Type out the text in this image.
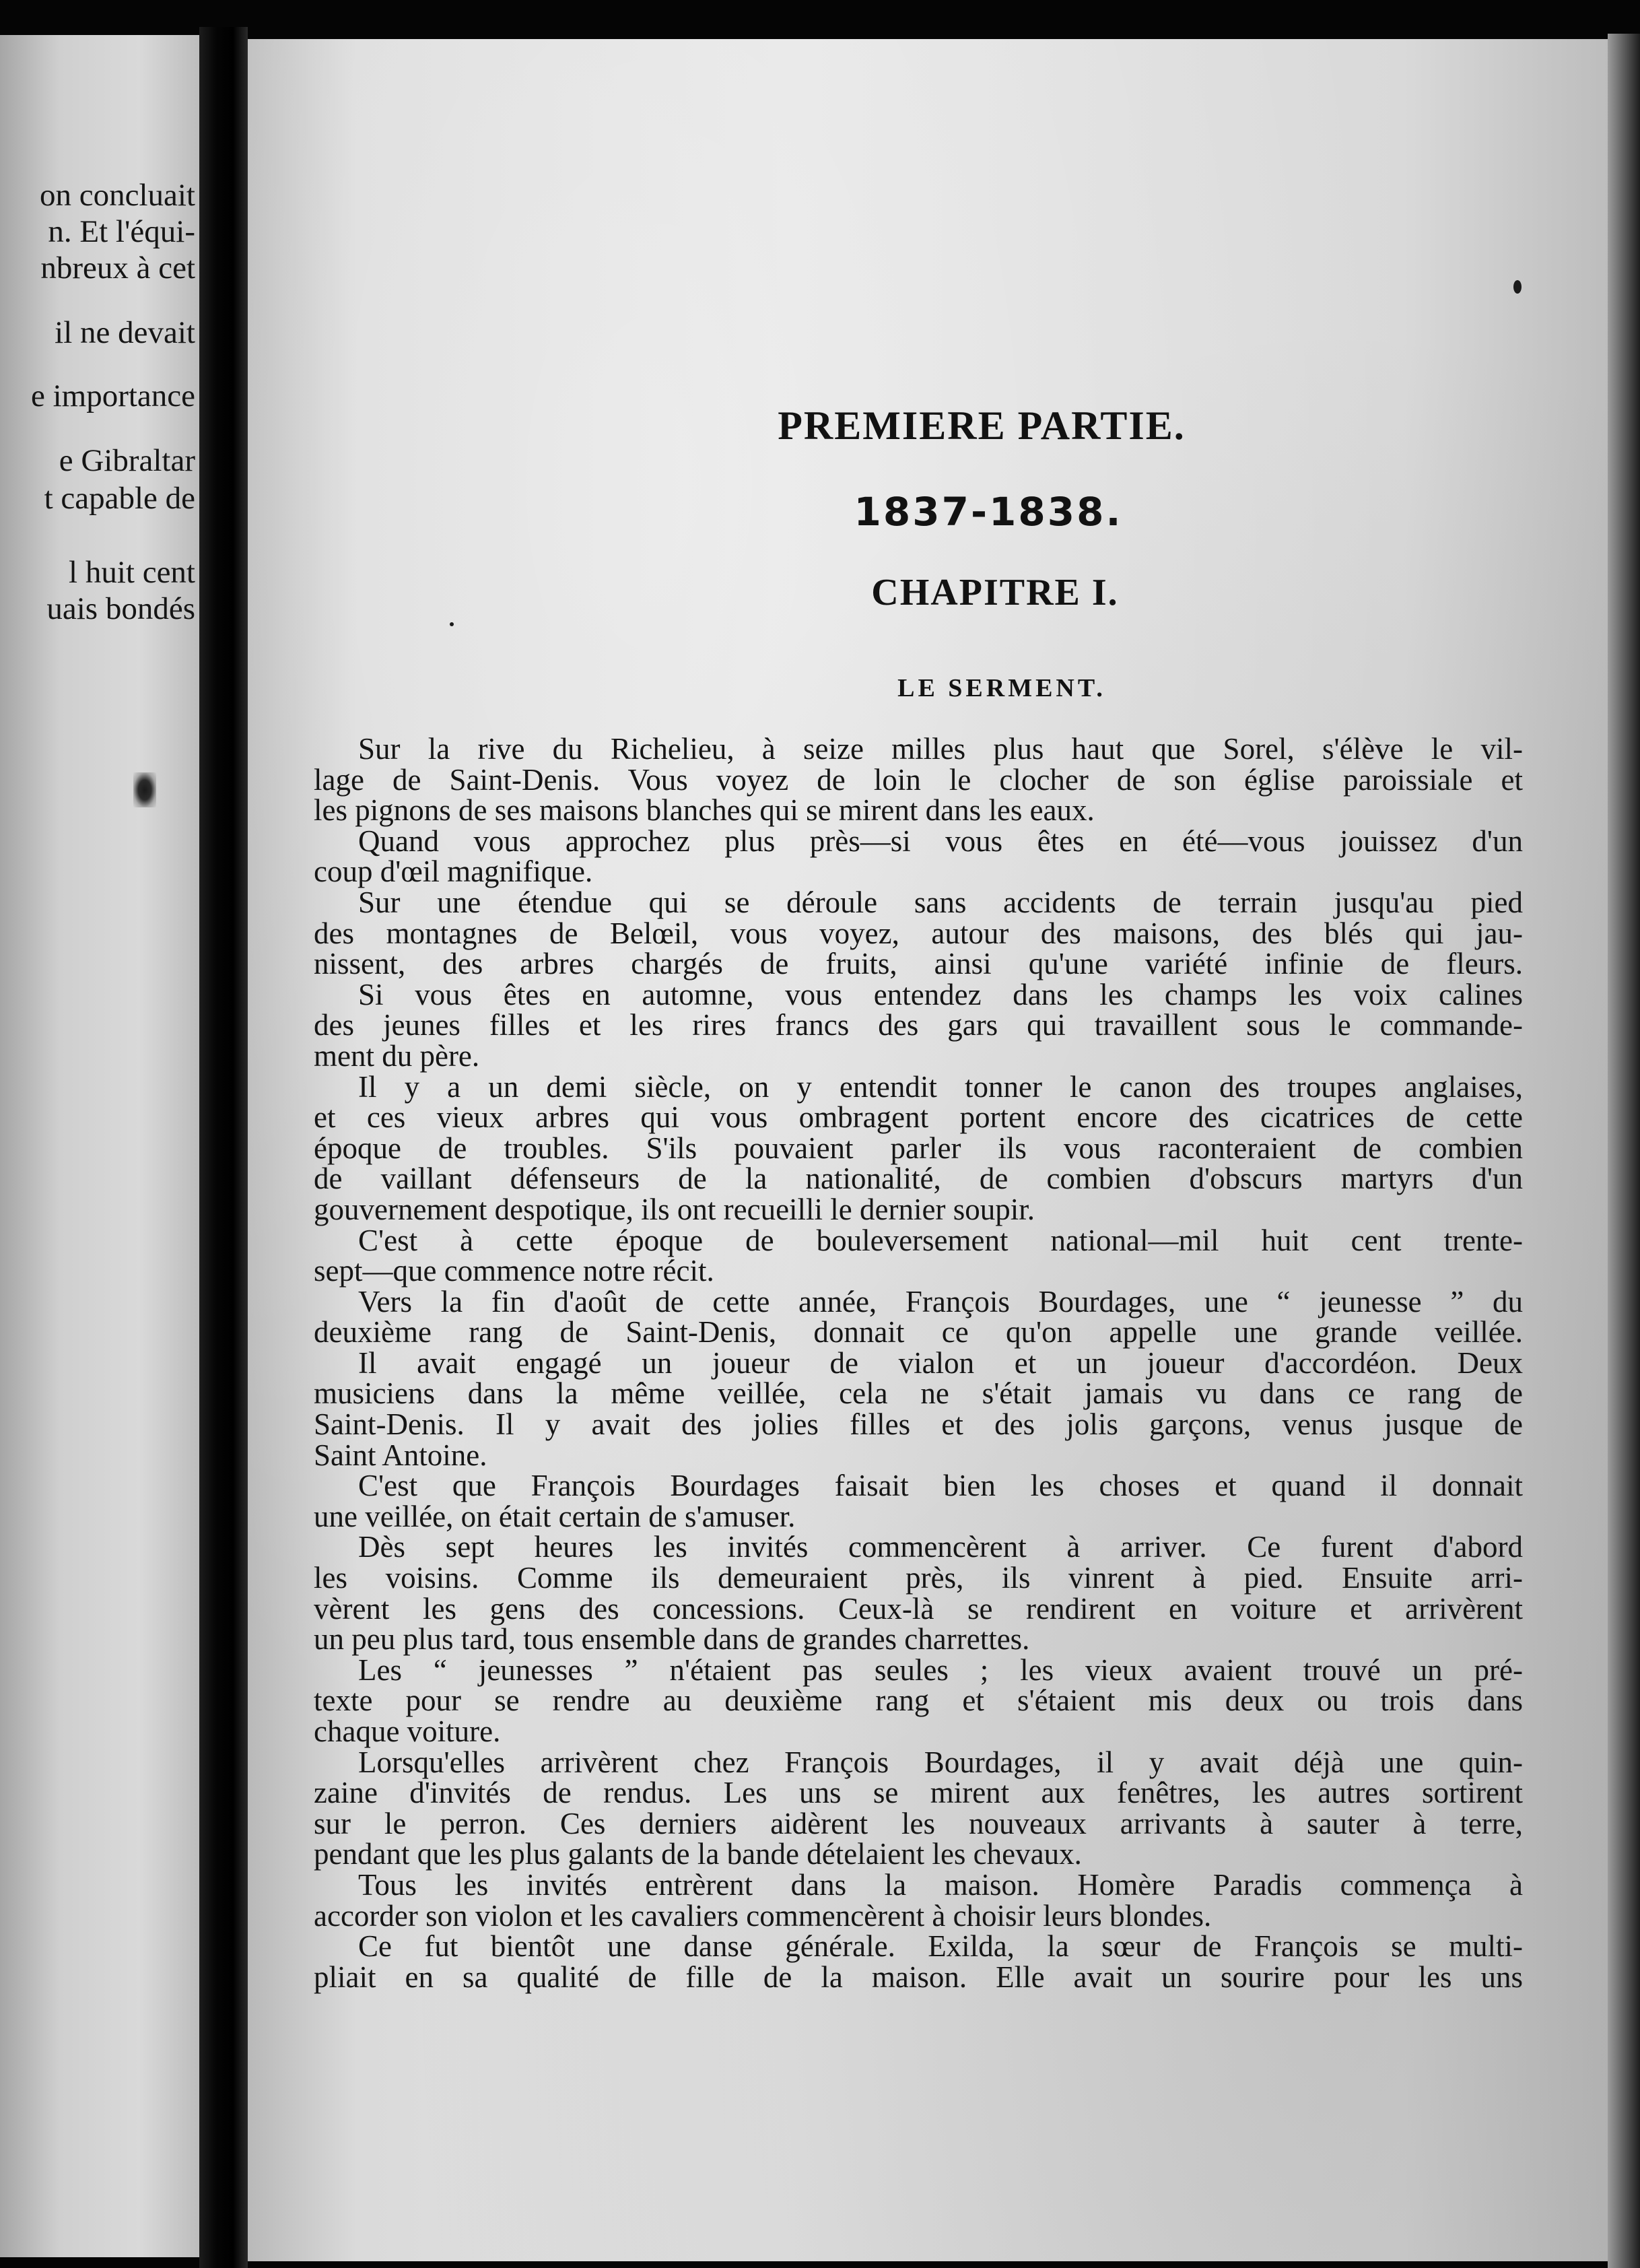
on concluait

n. Et l'équi-

nbreux à cet

il ne devait

e importance

e Gibraltar

t capable de

l huit cent

uais bondés

PREMIERE PARTIE.
1837-1838.
CHAPITRE I.
LE SERMENT.
Sur la rive du Richelieu, à seize milles plus haut que Sorel, s'élève le vil-
lage de Saint-Denis. Vous voyez de loin le clocher de son église paroissiale et
les pignons de ses maisons blanches qui se mirent dans les eaux.
Quand vous approchez plus près—si vous êtes en été—vous jouissez d'un
coup d'œil magnifique.
Sur une étendue qui se déroule sans accidents de terrain jusqu'au pied
des montagnes de Belœil, vous voyez, autour des maisons, des blés qui jau-
nissent, des arbres chargés de fruits, ainsi qu'une variété infinie de fleurs.
Si vous êtes en automne, vous entendez dans les champs les voix calines
des jeunes filles et les rires francs des gars qui travaillent sous le commande-
ment du père.
Il y a un demi siècle, on y entendit tonner le canon des troupes anglaises,
et ces vieux arbres qui vous ombragent portent encore des cicatrices de cette
époque de troubles. S'ils pouvaient parler ils vous raconteraient de combien
de vaillant défenseurs de la nationalité, de combien d'obscurs martyrs d'un
gouvernement despotique, ils ont recueilli le dernier soupir.
C'est à cette époque de bouleversement national—mil huit cent trente-
sept—que commence notre récit.
Vers la fin d'août de cette année, François Bourdages, une “ jeunesse ” du
deuxième rang de Saint-Denis, donnait ce qu'on appelle une grande veillée.
Il avait engagé un joueur de vialon et un joueur d'accordéon. Deux
musiciens dans la même veillée, cela ne s'était jamais vu dans ce rang de
Saint-Denis. Il y avait des jolies filles et des jolis garçons, venus jusque de
Saint Antoine.
C'est que François Bourdages faisait bien les choses et quand il donnait
une veillée, on était certain de s'amuser.
Dès sept heures les invités commencèrent à arriver. Ce furent d'abord
les voisins. Comme ils demeuraient près, ils vinrent à pied. Ensuite arri-
vèrent les gens des concessions. Ceux-là se rendirent en voiture et arrivèrent
un peu plus tard, tous ensemble dans de grandes charrettes.
Les “ jeunesses ” n'étaient pas seules ; les vieux avaient trouvé un pré-
texte pour se rendre au deuxième rang et s'étaient mis deux ou trois dans
chaque voiture.
Lorsqu'elles arrivèrent chez François Bourdages, il y avait déjà une quin-
zaine d'invités de rendus. Les uns se mirent aux fenêtres, les autres sortirent
sur le perron. Ces derniers aidèrent les nouveaux arrivants à sauter à terre,
pendant que les plus galants de la bande dételaient les chevaux.
Tous les invités entrèrent dans la maison. Homère Paradis commença à
accorder son violon et les cavaliers commencèrent à choisir leurs blondes.
Ce fut bientôt une danse générale. Exilda, la sœur de François se multi-
pliait en sa qualité de fille de la maison. Elle avait un sourire pour les uns
